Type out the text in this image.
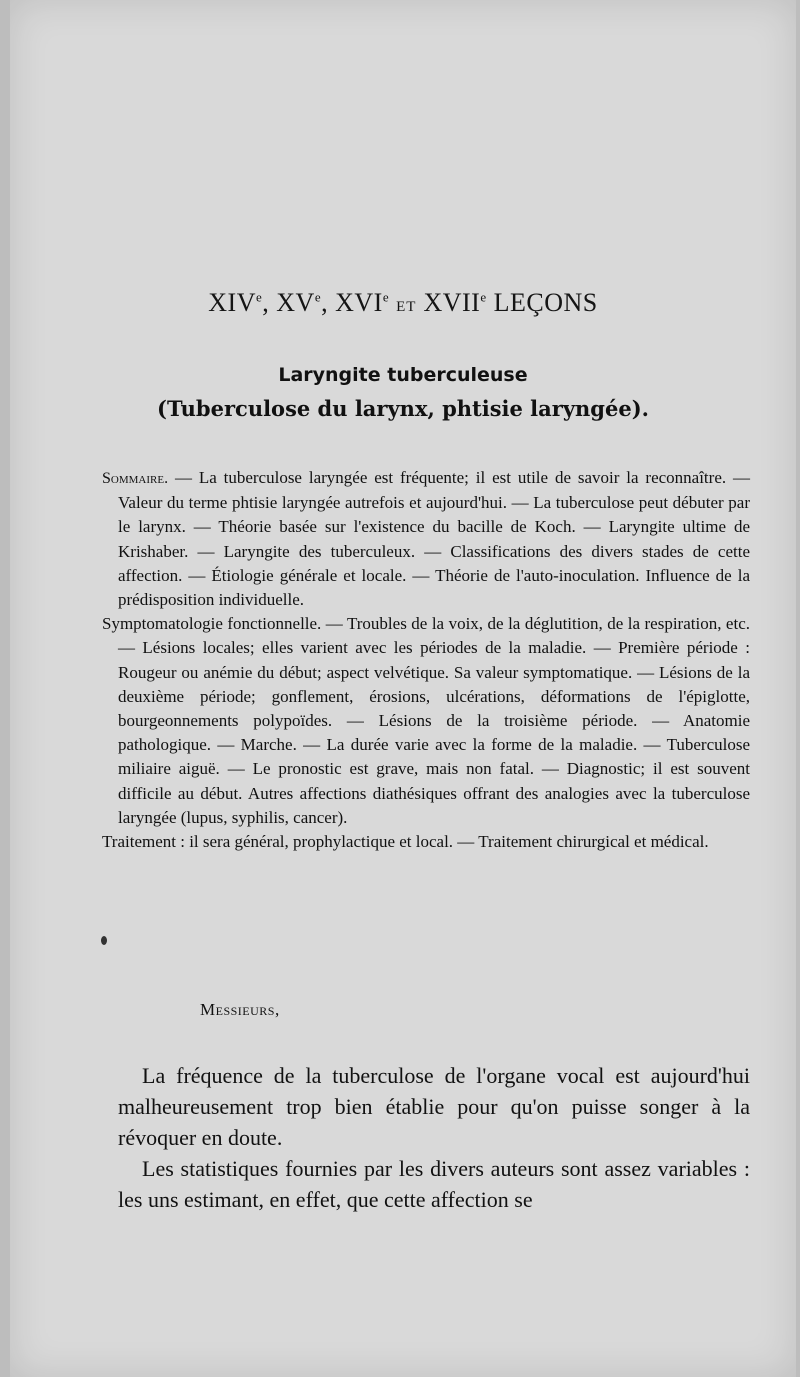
XIVe, XVe, XVIe ET XVIIe LEÇONS
Laryngite tuberculeuse
(Tuberculose du larynx, phtisie laryngée).

Sommaire. — La tuberculose laryngée est fréquente; il est utile de savoir la reconnaître. — Valeur du terme phtisie laryngée autrefois et aujourd'hui. — La tuberculose peut débuter par le larynx. — Théorie basée sur l'existence du bacille de Koch. — Laryngite ultime de Krishaber. — Laryngite des tuberculeux. — Classifications des divers stades de cette affection. — Étiologie générale et locale. — Théorie de l'auto-inoculation. Influence de la prédisposition individuelle.

Symptomatologie fonctionnelle. — Troubles de la voix, de la déglutition, de la respiration, etc. — Lésions locales; elles varient avec les périodes de la maladie. — Première période : Rougeur ou anémie du début; aspect velvétique. Sa valeur symptomatique. — Lésions de la deuxième période; gonflement, érosions, ulcérations, déformations de l'épiglotte, bourgeonnements polypoïdes. — Lésions de la troisième période. — Anatomie pathologique. — Marche. — La durée varie avec la forme de la maladie. — Tuberculose miliaire aiguë. — Le pronostic est grave, mais non fatal. — Diagnostic; il est souvent difficile au début. Autres affections diathésiques offrant des analogies avec la tuberculose laryngée (lupus, syphilis, cancer).

Traitement : il sera général, prophylactique et local. — Traitement chirurgical et médical.

Messieurs,

La fréquence de la tuberculose de l'organe vocal est aujourd'hui malheureusement trop bien établie pour qu'on puisse songer à la révoquer en doute.

Les statistiques fournies par les divers auteurs sont assez variables : les uns estimant, en effet, que cette affection se
